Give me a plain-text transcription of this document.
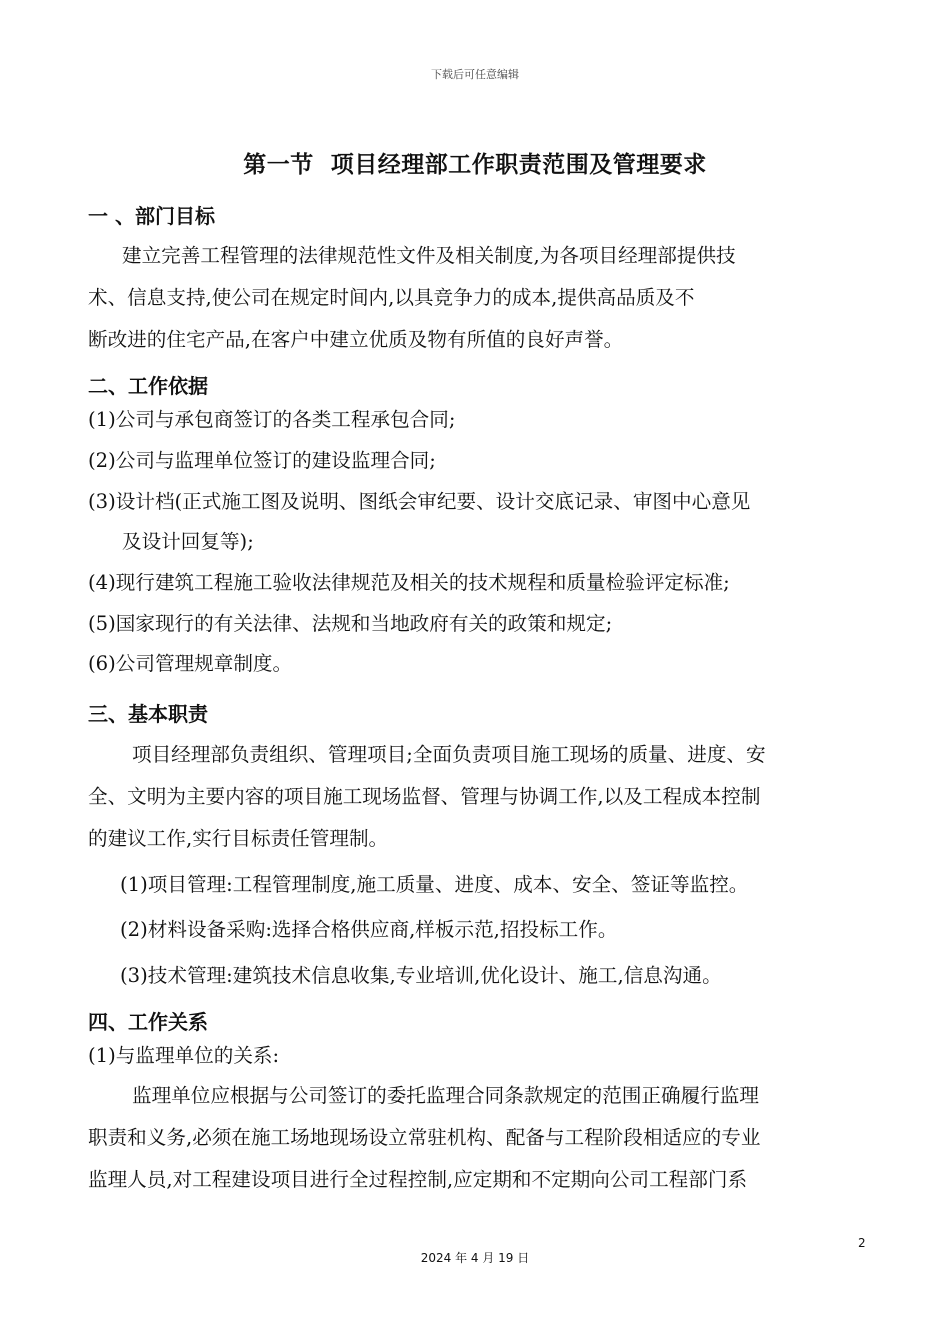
下载后可任意编辑
第一节  项目经理部工作职责范围及管理要求
一 、部门目标
建立完善工程管理的法律规范性文件及相关制度,为各项目经理部提供技
术、信息支持,使公司在规定时间内,以具竞争力的成本,提供高品质及不
断改进的住宅产品,在客户中建立优质及物有所值的良好声誉。
二、工作依据
(1)公司与承包商签订的各类工程承包合同;
(2)公司与监理单位签订的建设监理合同;
(3)设计档(正式施工图及说明、图纸会审纪要、设计交底记录、审图中心意见
及设计回复等);
(4)现行建筑工程施工验收法律规范及相关的技术规程和质量检验评定标准;
(5)国家现行的有关法律、法规和当地政府有关的政策和规定;
(6)公司管理规章制度。
三、基本职责
项目经理部负责组织、管理项目;全面负责项目施工现场的质量、进度、安
全、文明为主要内容的项目施工现场监督、管理与协调工作,以及工程成本控制
的建议工作,实行目标责任管理制。
(1)项目管理:工程管理制度,施工质量、进度、成本、安全、签证等监控。
(2)材料设备采购:选择合格供应商,样板示范,招投标工作。
(3)技术管理:建筑技术信息收集,专业培训,优化设计、施工,信息沟通。
四、工作关系
(1)与监理单位的关系:
监理单位应根据与公司签订的委托监理合同条款规定的范围正确履行监理
职责和义务,必须在施工场地现场设立常驻机构、配备与工程阶段相适应的专业
监理人员,对工程建设项目进行全过程控制,应定期和不定期向公司工程部门系
2
2024 年 4 月 19 日
